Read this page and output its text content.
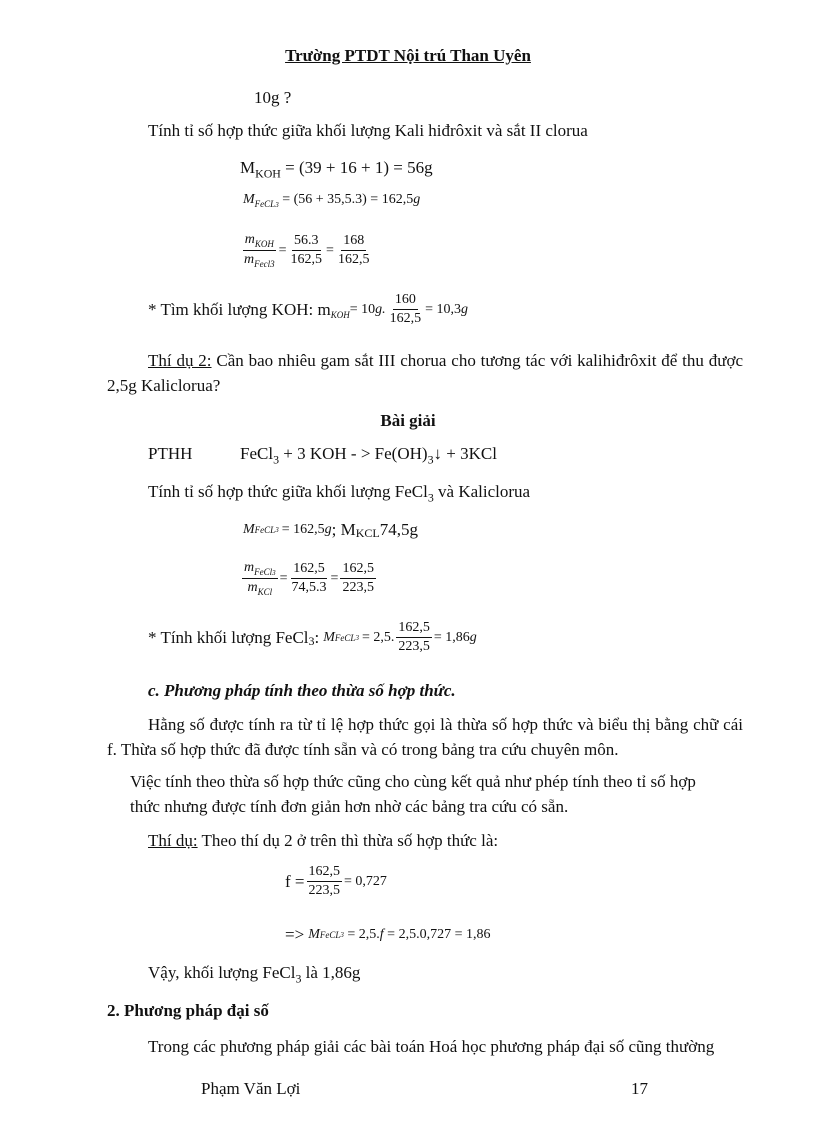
Trường PTDT Nội trú Than Uyên
10g ?
Tính tỉ số hợp thức giữa khối lượng Kali hiđrôxit và sắt II clorua
$M_{KOH} = (39 + 16 + 1) = 56g$
$M_{FeCL3} = (56 + 35,5.3) = 162,5g$
$\frac{m_{KOH}}{m_{Fecl3}} = \frac{56.3}{162,5} = \frac{168}{162,5}$
* Tìm khối lượng KOH: m KOH = 10 g. $\frac{160}{162,5} = 10,3$ g
Thí dụ 2: Cần bao nhiêu gam sắt III chorua cho tương tác với kalihiđrôxit để thu được 2,5g Kaliclorua?
Bài giải
PTHH	FeCl$_3$ + 3 KOH - > $Fe(OH)_3↓ + 3KCl$
Tính tỉ số hợp thức giữa khối lượng FeCl$_3$ và Kaliclorua
M FeCL 3 = 162,5 g ; M KCL 74,5g
$\frac{m_{FeCl3}}{m_{KCl}} = \frac{162,5}{74,5.3} = \frac{162,5}{223,5}$
* Tính khối lượng FeCl 3 : M FeCL 3 = 2,5. $\frac{162,5}{223,5} = 1,86$ g
c. Phương pháp tính theo thừa số hợp thức.
Hằng số được tính ra từ tỉ lệ hợp thức gọi là thừa số hợp thức và biểu thị bằng chữ cái f. Thừa số hợp thức đã được tính sẵn và có trong bảng tra cứu chuyên môn.
Việc tính theo thừa số hợp thức cũng cho cùng kết quả như phép tính theo tỉ số hợp
thức nhưng được tính đơn giản hơn nhờ các bảng tra cứu có sẵn.
Thí dụ: Theo thí dụ 2 ở trên thì thừa số hợp thức là:
$f = \frac{162,5}{223,5} = 0,727$
=> M FeCL 3 = 2,5. f = 2,5.0,727 = 1,86
Vậy, khối lượng FeCl$_3$ là 1,86g
2. Phương pháp đại số
Trong các phương pháp giải các bài toán Hoá học phương pháp đại số cũng thường
Phạm Văn Lợi	17
